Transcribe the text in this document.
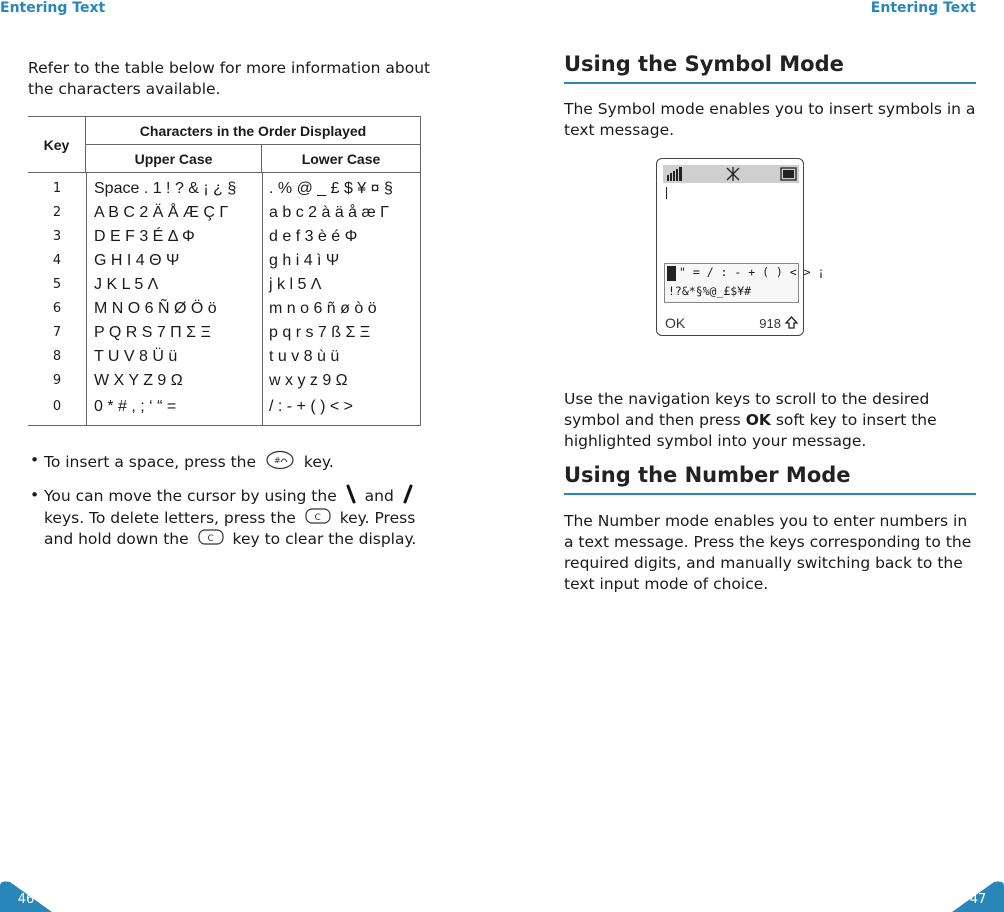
Entering Text

Refer to the table below for more information about the characters available.

Key
Characters in the Order Displayed
Upper Case	Lower Case
1	Space . 1 ! ? & ¡ ¿ §	. % @ _ £ $ ¥ ¤ §
2	A B C 2 Ä Å Æ Ç Γ	a b c 2 à ä å æ Γ
3	D E F 3 É Δ Φ	d e f 3 è é Φ
4	G H I 4 Θ Ψ	g h i 4 ì Ψ
5	J K L 5 Λ	j k l 5 Λ
6	M N O 6 Ñ Ø Ö ö	m n o 6 ñ ø ò ö
7	P Q R S 7 Π Σ Ξ	p q r s 7 ß Σ Ξ
8	T U V 8 Ü ü	t u v 8 ù ü
9	W X Y Z 9 Ω	w x y z 9 Ω
0	0 * # , ; ‘ “ =	/ : - + ( ) < >
• To insert a space, press the # key.
• You can move the cursor by using the and  keys. To delete letters, press the C key. Press and hold down the C key to clear the display.
46
Entering Text
Using the Symbol Mode

The Symbol mode enables you to insert symbols in a text message.

" = / : - + ( ) < > ¡
!?&*§%@_£$¥#
OK	918

Use the navigation keys to scroll to the desired symbol and then press OK soft key to insert the highlighted symbol into your message.

Using the Number Mode

The Number mode enables you to enter numbers in a text message. Press the keys corresponding to the required digits, and manually switching back to the text input mode of choice.

47
